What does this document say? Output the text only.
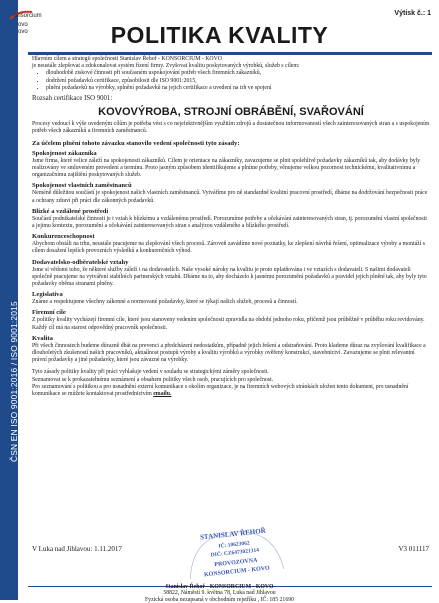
ČSN EN ISO 9001:2016 / ISO 9001:2015
onsorcium
ovo
ovo
Výtisk č.: 1
POLITIKA KVALITY

Hlavním cílem a strategií společnosti Stanislav Řehoř - KONSORCIUM - KOVO

je neustále zlepšovat a zdokonalovat systém řízení firmy. Zvyšovat kvalitu poskytovaných výrobků, služeb s cílem:

• dlouhodobě ziskové činnosti při současném uspokojování potřeb všech firemních zákazníků,
• dodržení požadavků certifikace, způsobilosti dle ISO 9001:2015,
• plnění požadavků na výrobky, splnění požadavků na jejich certifikace a uvedení na trh ve spojení
Rozsah certifikace ISO 9001:
KOVOVÝROBA, STROJNÍ OBRÁBĚNÍ, SVAŘOVÁNÍ

Procesy vedoucí k výše uvedeným cílům je potřeba vést s co nejefektivnějším využitím zdrojů a dostatečnou informovaností všech zainteresovaných stran a s uspokojením potřeb všech zákazníků a firemních zaměstnanců.

Za účelem plnění tohoto závazku stanovilo vedení společnosti tyto zásady:
Spokojenost zákazníka

Jsme firma, které velice záleží na spokojenosti zákazníků. Cílem je orientace na zákazníky, zavazujeme se plnit spolehlivě požadavky zákazníků tak, aby dodávky byly realizovány ve smluveném provedení a termínu. Proto jasným způsobem identifikujeme a plníme potřeby, věnujeme velkou pozornost technickému, kvalitativnímu a organizačnímu zajištění poskytovaných služeb.

Spokojenost vlastních zaměstnanců

Neméně důležitou součástí je spokojenost našich vlastních zaměstnanců. Vytváříme pro ně standardně kvalitní pracovní prostředí, dbáme na dodržování bezpečnosti práce a ochrany zdraví při práci dle zákonných požadavků.

Blízké a vzdálené prostředí

Součástí podnikatelské činnosti je i vztah k blízkému a vzdálenému prostředí. Porozumíme potřeby a očekávání zainteresovaných stran, tj. porozumění vlastní společnosti a jejímu kontextu, porozumění a očekávání zainteresovaných stran s analýzou vzdáleného a blízkého prostředí.

Konkurenceschopnost

Abychom obstáli na trhu, neustále pracujeme na zlepšování všech procesů. Zároveň zavádíme nové poznatky, ke zlepšení návrhů řešení, optimalizace výroby a montáží s cílem dosažení lepších provozních výsledků a konkurenčních výhod.

Dodavatelsko-odběratelské vztahy

Jsme si vědomi toho, že některé služby záleží i na dodavatelích. Naše vysoké nároky na kvalitu je proto uplatňována i ve vztazích s dodavateli. S našimi dodavateli společně pracujeme na vytváření stabilních partnerských vztahů. Dbáme na to, aby docházelo k jasnému porozumění požadavků a pravidel jejich plnění tak, aby byly tyto požadavky oběma stranami plněny.

Legislativa

Známe a respektujeme všechny zákonné a normované požadavky, které se týkají našich služeb, procesů a činností.

Firemní cíle

Z politiky kvality vycházejí firemní cíle, které jsou stanoveny vedením společnosti zpravidla na období jednoho roku, přičemž jsou průběžně v průběhu roku revidovány. Každý cíl má na starost odpovědný pracovník společnosti.

Kvalita

Při všech činnostech budeme důrazně dbát na prevenci a předcházení nedostatkům, případně jejich řešení a odstraňování. Proto klademe důraz na zvyšování kvalifikace a dlouholetých zkušeností našich pracovníků, aktuálnost postupů výroby a kvalitu výrobků a výrobky ověřený konstrukcí, stavebnictví. Zavazujeme se plnit relevantní právní požadavky a jiné požadavky, které jsou závazné na výrobky.

Tyto zásady politiky kvality při práci vyhlašuje vedení v souladu se strategickými záměry společnosti.

Seznamovat se k prokazatelnému seznámení a obsahem politiky všech osob, pracujících pro společnost.

Pro seznamování s politikou a pro usnadnění externí komunikace s okolím organizace, je na firemních webových stránkách uložen tento dokument, pro usnadnění komunikace se můžete kontaktovat prostřednictvím emailu.

V Luka nad Jihlavou: 1.11.2017	V3 011117
STANISLAV ŘEHOŘ
IČ: 10623062
DIČ: CZ6473021314
PROVOZOVNA
KONSORCIUM - KOVO
Stanislav Řehoř - KONSORCIUM - KOVO
58822, Náměstí 9. května 78, Luka nad Jihlavou
Fyzická osoba nezapsaná v obchodním rejstříku , IČ: 185 21690
